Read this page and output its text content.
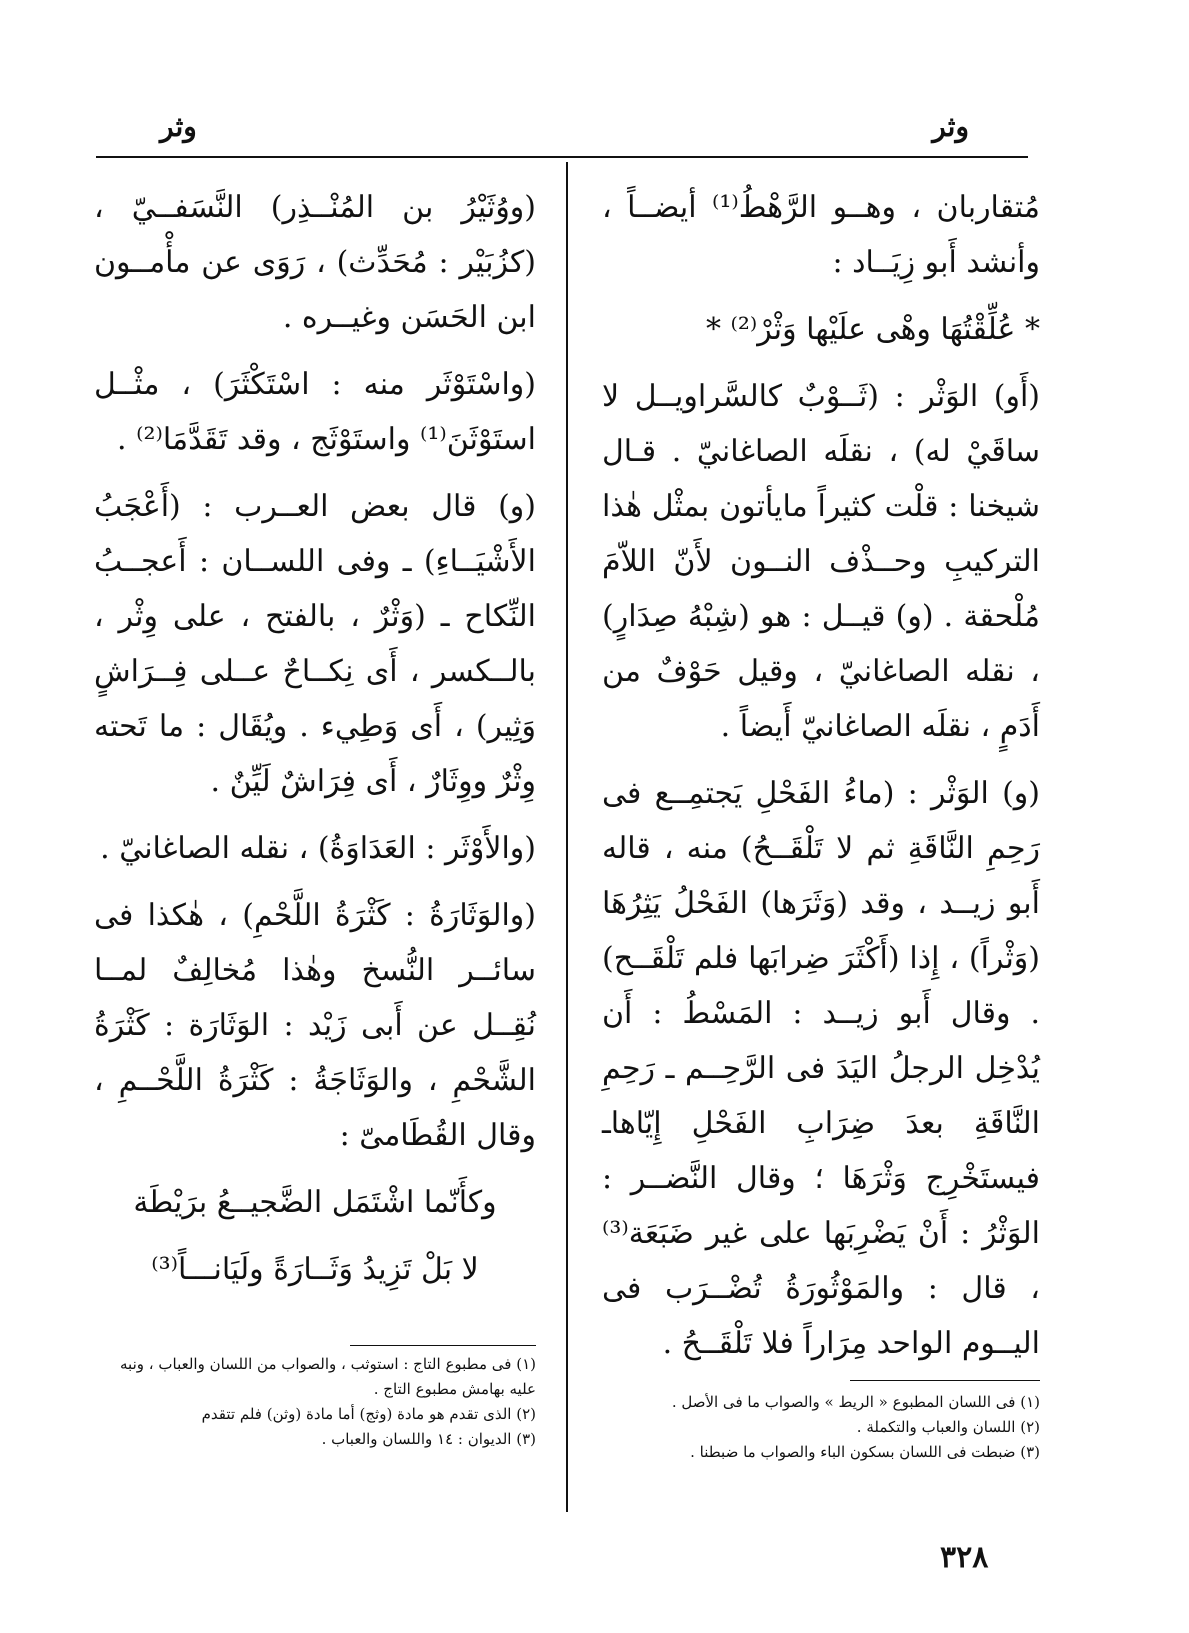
وثر
وثر

مُتقاربان ، وهــو الرَّهْطُ⁽¹⁾ أيضــاً ، وأنشد أَبو زِيَــاد :

* عُلِّقْتُهَا وهْى علَيْها وَثْرْ⁽²⁾ *

(أَو) الوَثْر : (ثَــوْبٌ كالسَّراويــل لا ساقَيْ له) ، نقلَه الصاغانيّ . قـال شيخنا : قلْت كثيراً مايأتون بمثْل هٰذا التركيبِ وحــذْف النــون لأَنّ اللاّمَ مُلْحقة . (و) قيــل : هو (شِبْهُ صِدَارٍ) ، نقله الصاغانيّ ، وقيل حَوْفٌ من أَدَمٍ ، نقلَه الصاغانيّ أَيضاً .

(و) الوَثْر : (ماءُ الفَحْلِ يَجتمِــع فى رَحِمِ النَّاقَةِ ثم لا تَلْقَــحُ) منه ، قاله أَبو زيــد ، وقد (وَثَرَها) الفَحْلُ يَثِرُهَا (وَثْراً) ، إِذا (أَكْثَرَ ضِرابَها فلم تَلْقَــح) . وقال أَبو زيــد : المَسْطُ : أَن يُدْخِل الرجلُ اليَدَ فى الرَّحِــم ـ رَحِمِ النَّاقَةِ بعدَ ضِرَابِ الفَحْلِ إِيّاهاـ فيستَخْرِج وَثْرَهَا ؛ وقال النَّضــر : الوَثْرُ : أَنْ يَضْرِبَها على غير ضَبَعَة⁽³⁾ ، قال : والمَوْثُورَةُ تُضْــرَب فى اليــوم الواحد مِرَاراً فلا تَلْقَــحُ .

(ووُثَيْرُ بن المُنْــذِر) النَّسَفــيّ ، (كزُبَيْر : مُحَدِّث) ، رَوَى عن مأْمــون ابن الحَسَن وغيــره .

(واسْتَوْثَر منه : اسْتَكْثَرَ) ، مثْــل استَوْثَنَ⁽¹⁾ واستَوْثَج ، وقد تَقَدَّمَا⁽²⁾ .

(و) قال بعض العــرب : (أَعْجَبُ الأَشْيَــاءِ) ـ وفى اللســان : أَعجــبُ النِّكاح ـ (وَثْرٌ ، بالفتح ، على وِثْر ، بالــكسر ، أَى نِكــاحٌ عــلى فِــرَاشٍ وَثِير) ، أَى وَطِيء . ويُقَال : ما تَحته وِثْرٌ ووِثَارٌ ، أَى فِرَاشٌ لَيِّنٌ .

(والأَوْثَر : العَدَاوَةُ) ، نقله الصاغانيّ .

(والوَثَارَةُ : كَثْرَةُ اللَّحْمِ) ، هٰكذا فى سائــر النُّسخ وهٰذا مُخالِفٌ لمــا نُقِــل عن أَبى زَيْد : الوَثَارَة : كَثْرَةُ الشَّحْمِ ، والوَثَاجَةُ : كَثْرَةُ اللَّحْــمِ ، وقال القُطَامىّ :

وكأَنّما اشْتَمَل الضَّجيــعُ برَيْطَة

لا بَلْ تَزِيدُ وَثَــارَةً ولَيَانـــاً⁽³⁾

(١) فى اللسان المطبوع « الريط » والصواب ما فى الأصل .

(٢) اللسان والعباب والتكملة .

(٣) ضبطت فى اللسان بسكون الباء والصواب ما ضبطنا .

(١) فى مطبوع التاج : استوثب ، والصواب من اللسان والعباب ، ونبه عليه بهامش مطبوع التاج .

(٢) الذى تقدم هو مادة (وثج) أما مادة (وثن) فلم تتقدم

(٣) الديوان : ١٤ واللسان والعباب .

٣٢٨
